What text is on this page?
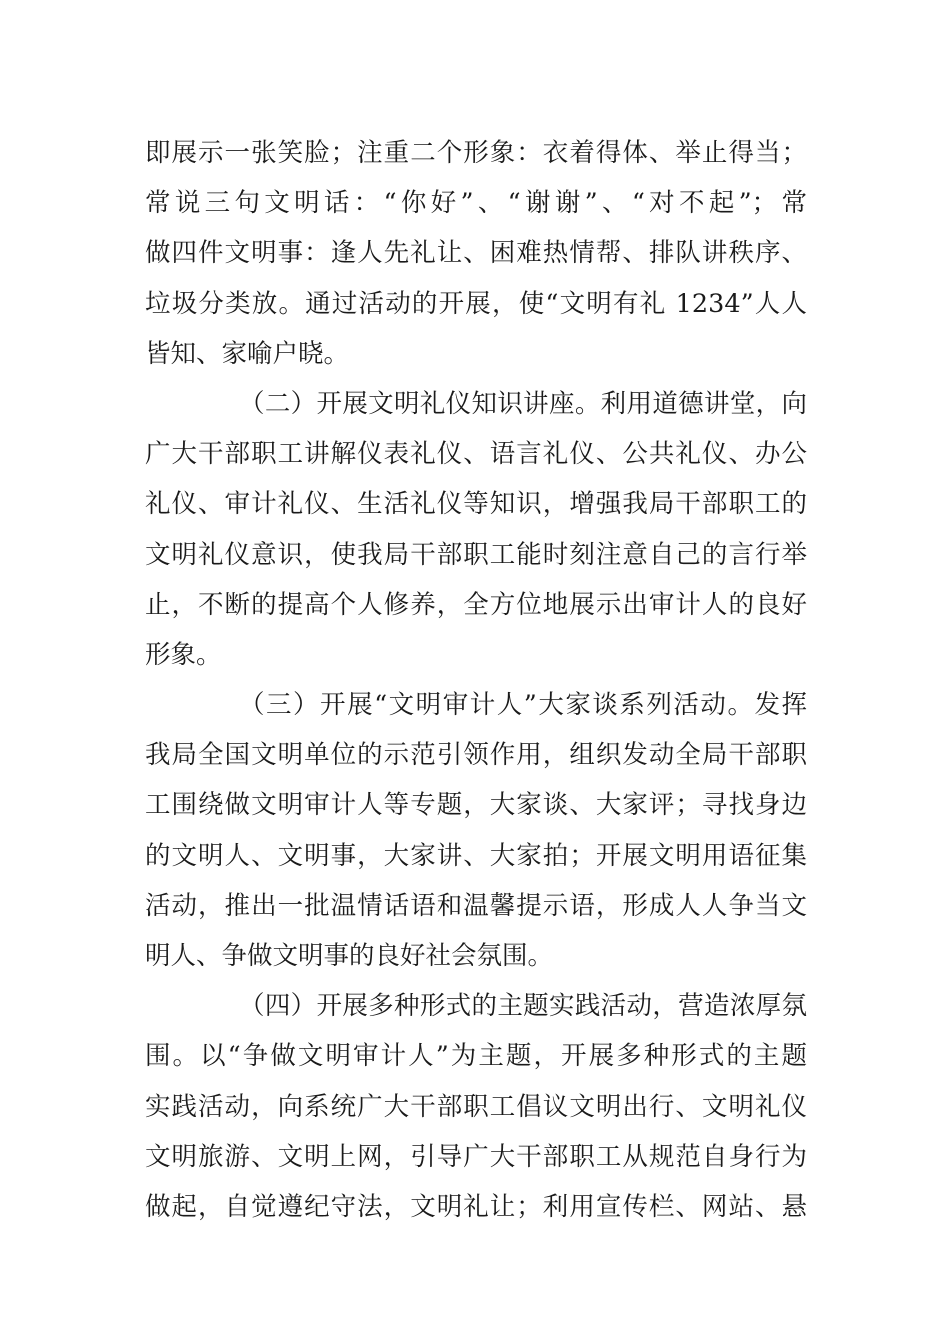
即展示一张笑脸；注重二个形象：衣着得体、举止得当；
常说三句文明话：“你好”、“谢谢”、“对不起”；常
做四件文明事：逢人先礼让、困难热情帮、排队讲秩序、
垃圾分类放。通过活动的开展，使“文明有礼 1234”人人
皆知、家喻户晓。
（二）开展文明礼仪知识讲座。利用道德讲堂，向
广大干部职工讲解仪表礼仪、语言礼仪、公共礼仪、办公
礼仪、审计礼仪、生活礼仪等知识，增强我局干部职工的
文明礼仪意识，使我局干部职工能时刻注意自己的言行举
止，不断的提高个人修养，全方位地展示出审计人的良好
形象。
（三）开展“文明审计人”大家谈系列活动。发挥
我局全国文明单位的示范引领作用，组织发动全局干部职
工围绕做文明审计人等专题，大家谈、大家评；寻找身边
的文明人、文明事，大家讲、大家拍；开展文明用语征集
活动，推出一批温情话语和温馨提示语，形成人人争当文
明人、争做文明事的良好社会氛围。
（四）开展多种形式的主题实践活动，营造浓厚氛
围。以“争做文明审计人”为主题，开展多种形式的主题
实践活动，向系统广大干部职工倡议文明出行、文明礼仪
文明旅游、文明上网，引导广大干部职工从规范自身行为
做起，自觉遵纪守法，文明礼让；利用宣传栏、网站、悬
